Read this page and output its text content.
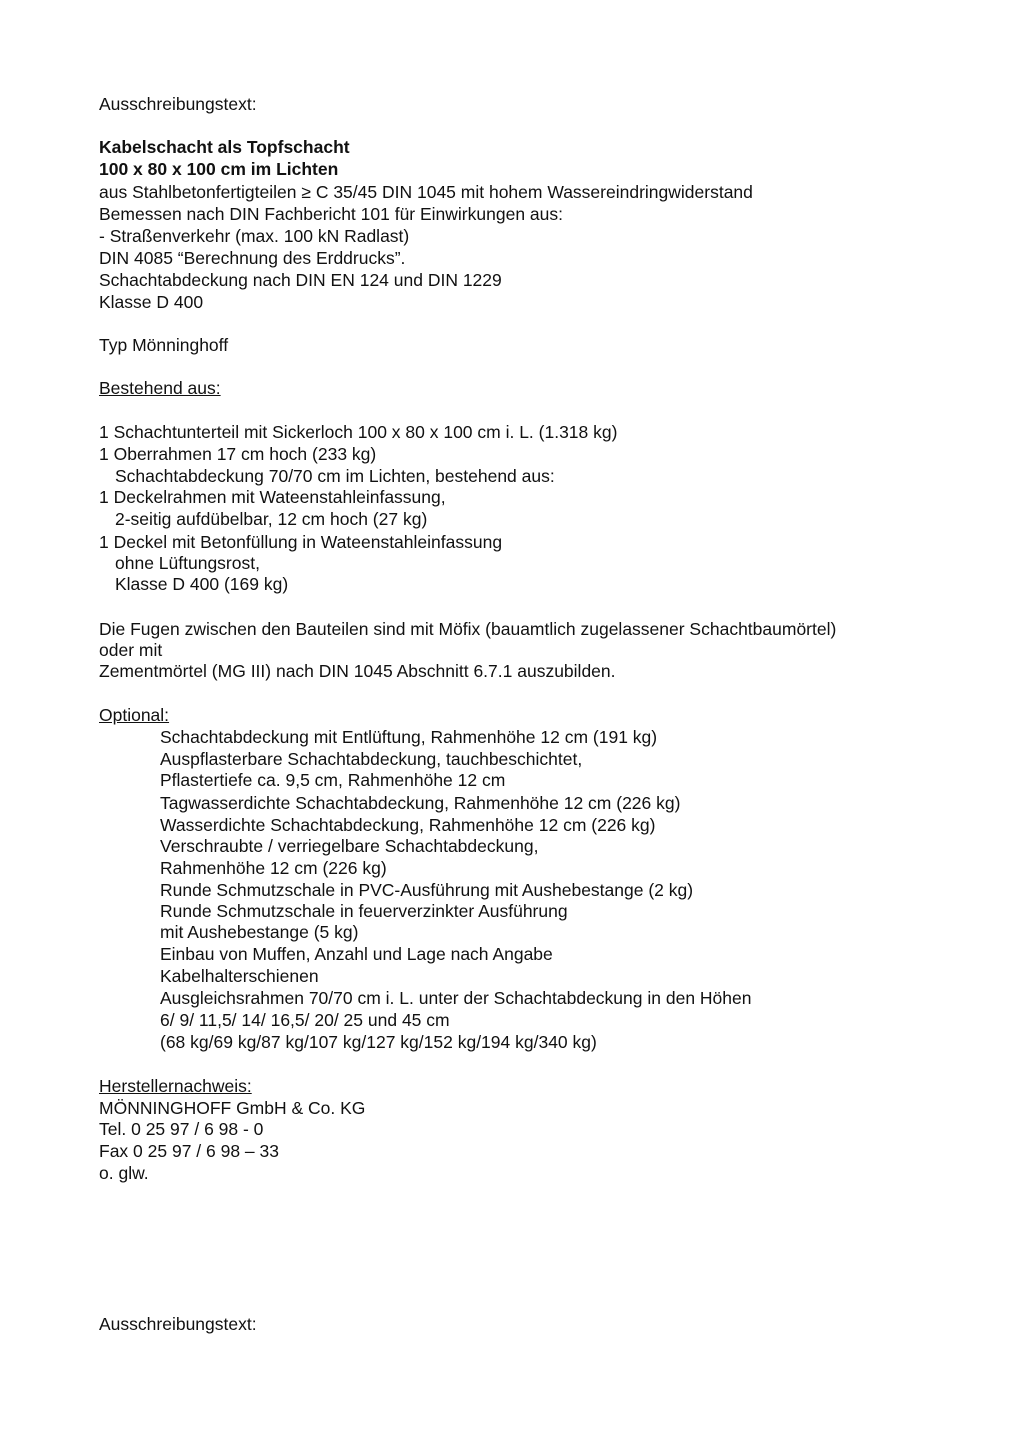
Ausschreibungstext:
Kabelschacht als Topfschacht
100 x 80 x 100 cm im Lichten
aus Stahlbetonfertigteilen ≥ C 35/45 DIN 1045 mit hohem Wassereindringwiderstand
Bemessen nach DIN Fachbericht 101 für Einwirkungen aus:
- Straßenverkehr (max. 100 kN Radlast)
DIN 4085 “Berechnung des Erddrucks”.
Schachtabdeckung nach DIN EN 124 und DIN 1229
Klasse D 400
Typ Mönninghoff
Bestehend aus:
1 Schachtunterteil mit Sickerloch 100 x 80 x 100 cm i. L. (1.318 kg)
1 Oberrahmen 17 cm hoch (233 kg)
Schachtabdeckung 70/70 cm im Lichten, bestehend aus:
1 Deckelrahmen mit Wateenstahleinfassung,
2-seitig aufdübelbar, 12 cm hoch (27 kg)
1 Deckel mit Betonfüllung in Wateenstahleinfassung
ohne Lüftungsrost,
Klasse D 400 (169 kg)
Die Fugen zwischen den Bauteilen sind mit Möfix (bauamtlich zugelassener Schachtbaumörtel)
oder mit
Zementmörtel (MG III) nach DIN 1045 Abschnitt 6.7.1 auszubilden.
Optional:
Schachtabdeckung mit Entlüftung, Rahmenhöhe 12 cm (191 kg)
Auspflasterbare Schachtabdeckung, tauchbeschichtet,
Pflastertiefe ca. 9,5 cm, Rahmenhöhe 12 cm
Tagwasserdichte Schachtabdeckung, Rahmenhöhe 12 cm (226 kg)
Wasserdichte Schachtabdeckung, Rahmenhöhe 12 cm (226 kg)
Verschraubte / verriegelbare Schachtabdeckung,
Rahmenhöhe 12 cm (226 kg)
Runde Schmutzschale in PVC-Ausführung mit Aushebestange (2 kg)
Runde Schmutzschale in feuerverzinkter Ausführung
mit Aushebestange (5 kg)
Einbau von Muffen, Anzahl und Lage nach Angabe
Kabelhalterschienen
Ausgleichsrahmen 70/70 cm i. L. unter der Schachtabdeckung in den Höhen
6/ 9/ 11,5/ 14/ 16,5/ 20/ 25 und 45 cm
(68 kg/69 kg/87 kg/107 kg/127 kg/152 kg/194 kg/340 kg)
Herstellernachweis:
MÖNNINGHOFF GmbH & Co. KG
Tel. 0 25 97 / 6 98 - 0
Fax 0 25 97 / 6 98 – 33
o. glw.
Ausschreibungstext:
